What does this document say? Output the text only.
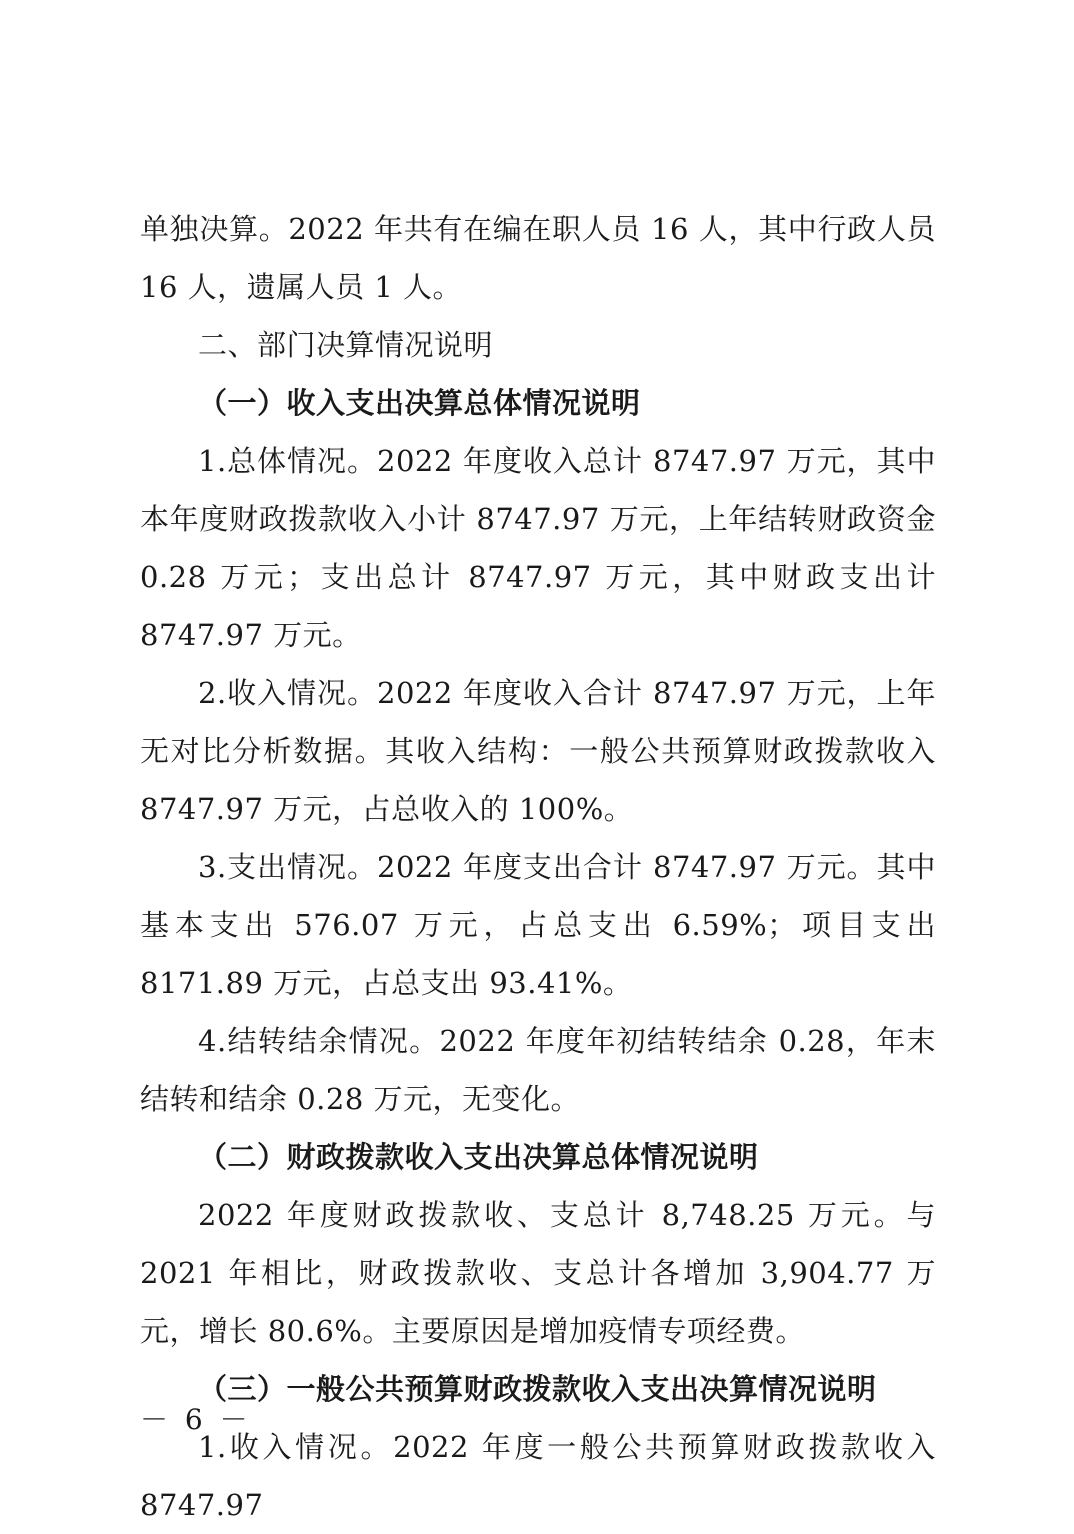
单独决算。2022 年共有在编在职人员 16 人，其中行政人员 16 人，遗属人员 1 人。

二、部门决算情况说明

（一）收入支出决算总体情况说明

1.总体情况。2022 年度收入总计 8747.97 万元，其中本年度财政拨款收入小计 8747.97 万元，上年结转财政资金 0.28 万元；支出总计 8747.97 万元，其中财政支出计 8747.97 万元。

2.收入情况。2022 年度收入合计 8747.97 万元，上年无对比分析数据。其收入结构：一般公共预算财政拨款收入 8747.97 万元，占总收入的 100%。

3.支出情况。2022 年度支出合计 8747.97 万元。其中基本支出 576.07 万元，占总支出 6.59%；项目支出 8171.89 万元，占总支出 93.41%。

4.结转结余情况。2022 年度年初结转结余 0.28，年末结转和结余 0.28 万元，无变化。

（二）财政拨款收入支出决算总体情况说明

2022 年度财政拨款收、支总计 8,748.25 万元。与 2021 年相比，财政拨款收、支总计各增加 3,904.77 万元，增长 80.6%。主要原因是增加疫情专项经费。

（三）一般公共预算财政拨款收入支出决算情况说明

1.收入情况。2022 年度一般公共预算财政拨款收入 8747.97

－ 6 －
